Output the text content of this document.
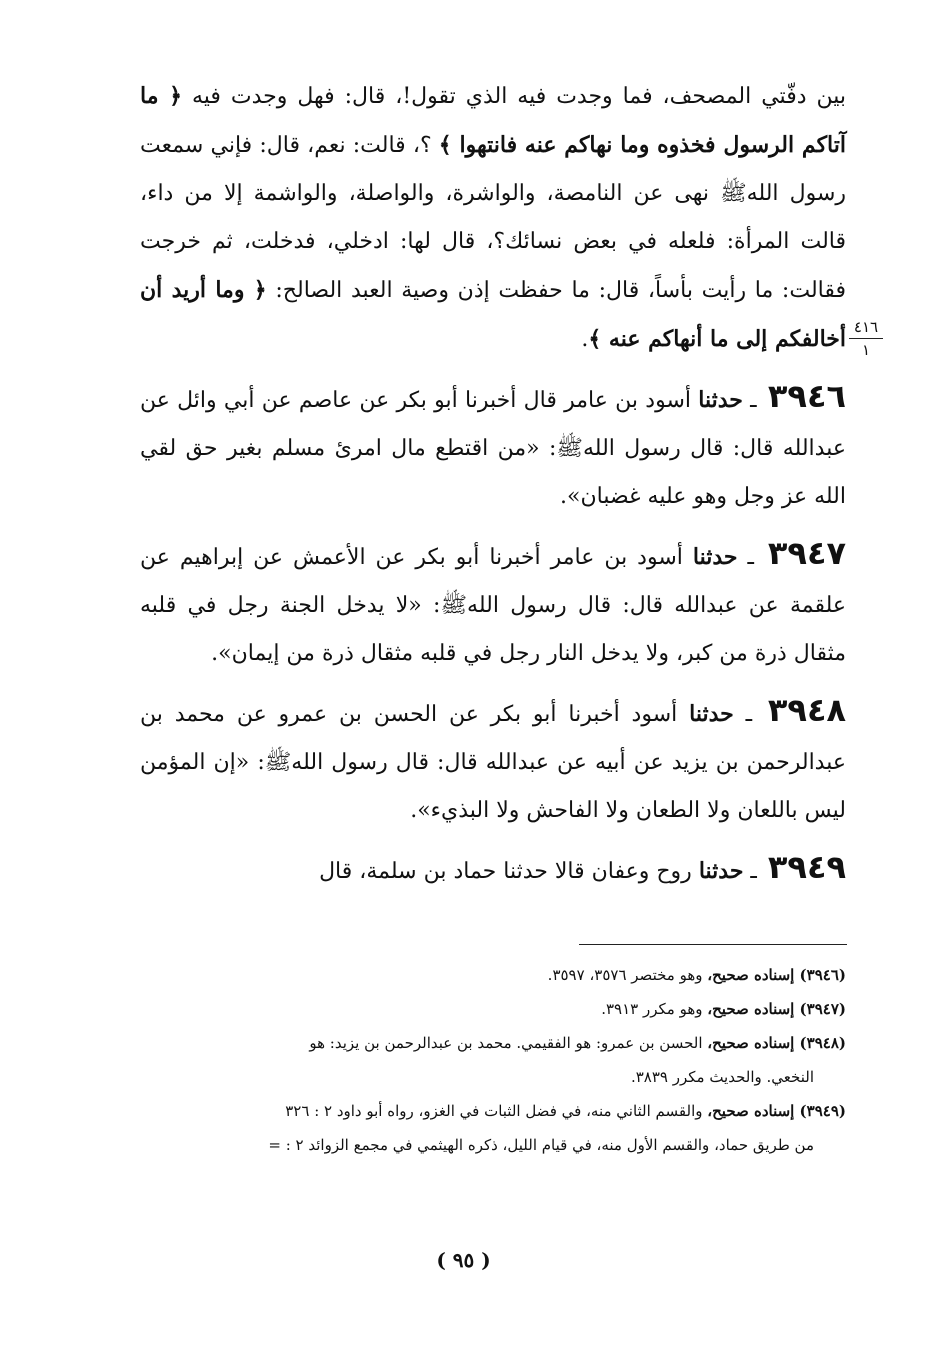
بين دفّتي المصحف، فما وجدت فيه الذي تقول!، قال: فهل وجدت فيه ﴿ ما آتاكم الرسول فخذوه وما نهاكم عنه فانتهوا ﴾ ؟، قالت: نعم، قال: فإني سمعت رسول اللهﷺ نهى عن النامصة، والواشرة، والواصلة، والواشمة إلا من داء، قالت المرأة: فلعله في بعض نسائك؟، قال لها: ادخلي، فدخلت، ثم خرجت فقالت: ما رأيت بأساً، قال: ما حفظت إذن وصية العبد الصالح: ﴿ وما أريد أن أخالفكم إلى ما أنهاكم عنه ﴾.

٣٩٤٦ ـ حدثنا أسود بن عامر قال أخبرنا أبو بكر عن عاصم عن أبي وائل عن عبدالله قال: قال رسول اللهﷺ: «من اقتطع مال امرئ مسلم بغير حق لقي الله عز وجل وهو عليه غضبان».

٣٩٤٧ ـ حدثنا أسود بن عامر أخبرنا أبو بكر عن الأعمش عن إبراهيم عن علقمة عن عبدالله قال: قال رسول اللهﷺ: «لا يدخل الجنة رجل في قلبه مثقال ذرة من كبر، ولا يدخل النار رجل في قلبه مثقال ذرة من إيمان».

٣٩٤٨ ـ حدثنا أسود أخبرنا أبو بكر عن الحسن بن عمرو عن محمد بن عبدالرحمن بن يزيد عن أبيه عن عبدالله قال: قال رسول اللهﷺ: «إن المؤمن ليس باللعان ولا الطعان ولا الفاحش ولا البذيء».

٣٩٤٩ ـ حدثنا روح وعفان قالا حدثنا حماد بن سلمة، قال

٤١٦
١

(٣٩٤٦) إسناده صحيح، وهو مختصر ٣٥٧٦، ٣٥٩٧.

(٣٩٤٧) إسناده صحيح، وهو مكرر ٣٩١٣.

(٣٩٤٨) إسناده صحيح، الحسن بن عمرو: هو الفقيمي. محمد بن عبدالرحمن بن يزيد: هو

النخعي. والحديث مكرر ٣٨٣٩.

(٣٩٤٩) إسناده صحيح، والقسم الثاني منه، في فضل الثبات في الغزو، رواه أبو داود ٢ : ٣٢٦

من طريق حماد، والقسم الأول منه، في قيام الليل، ذكره الهيثمي في مجمع الزوائد ٢ : =

( ٩٥ )
